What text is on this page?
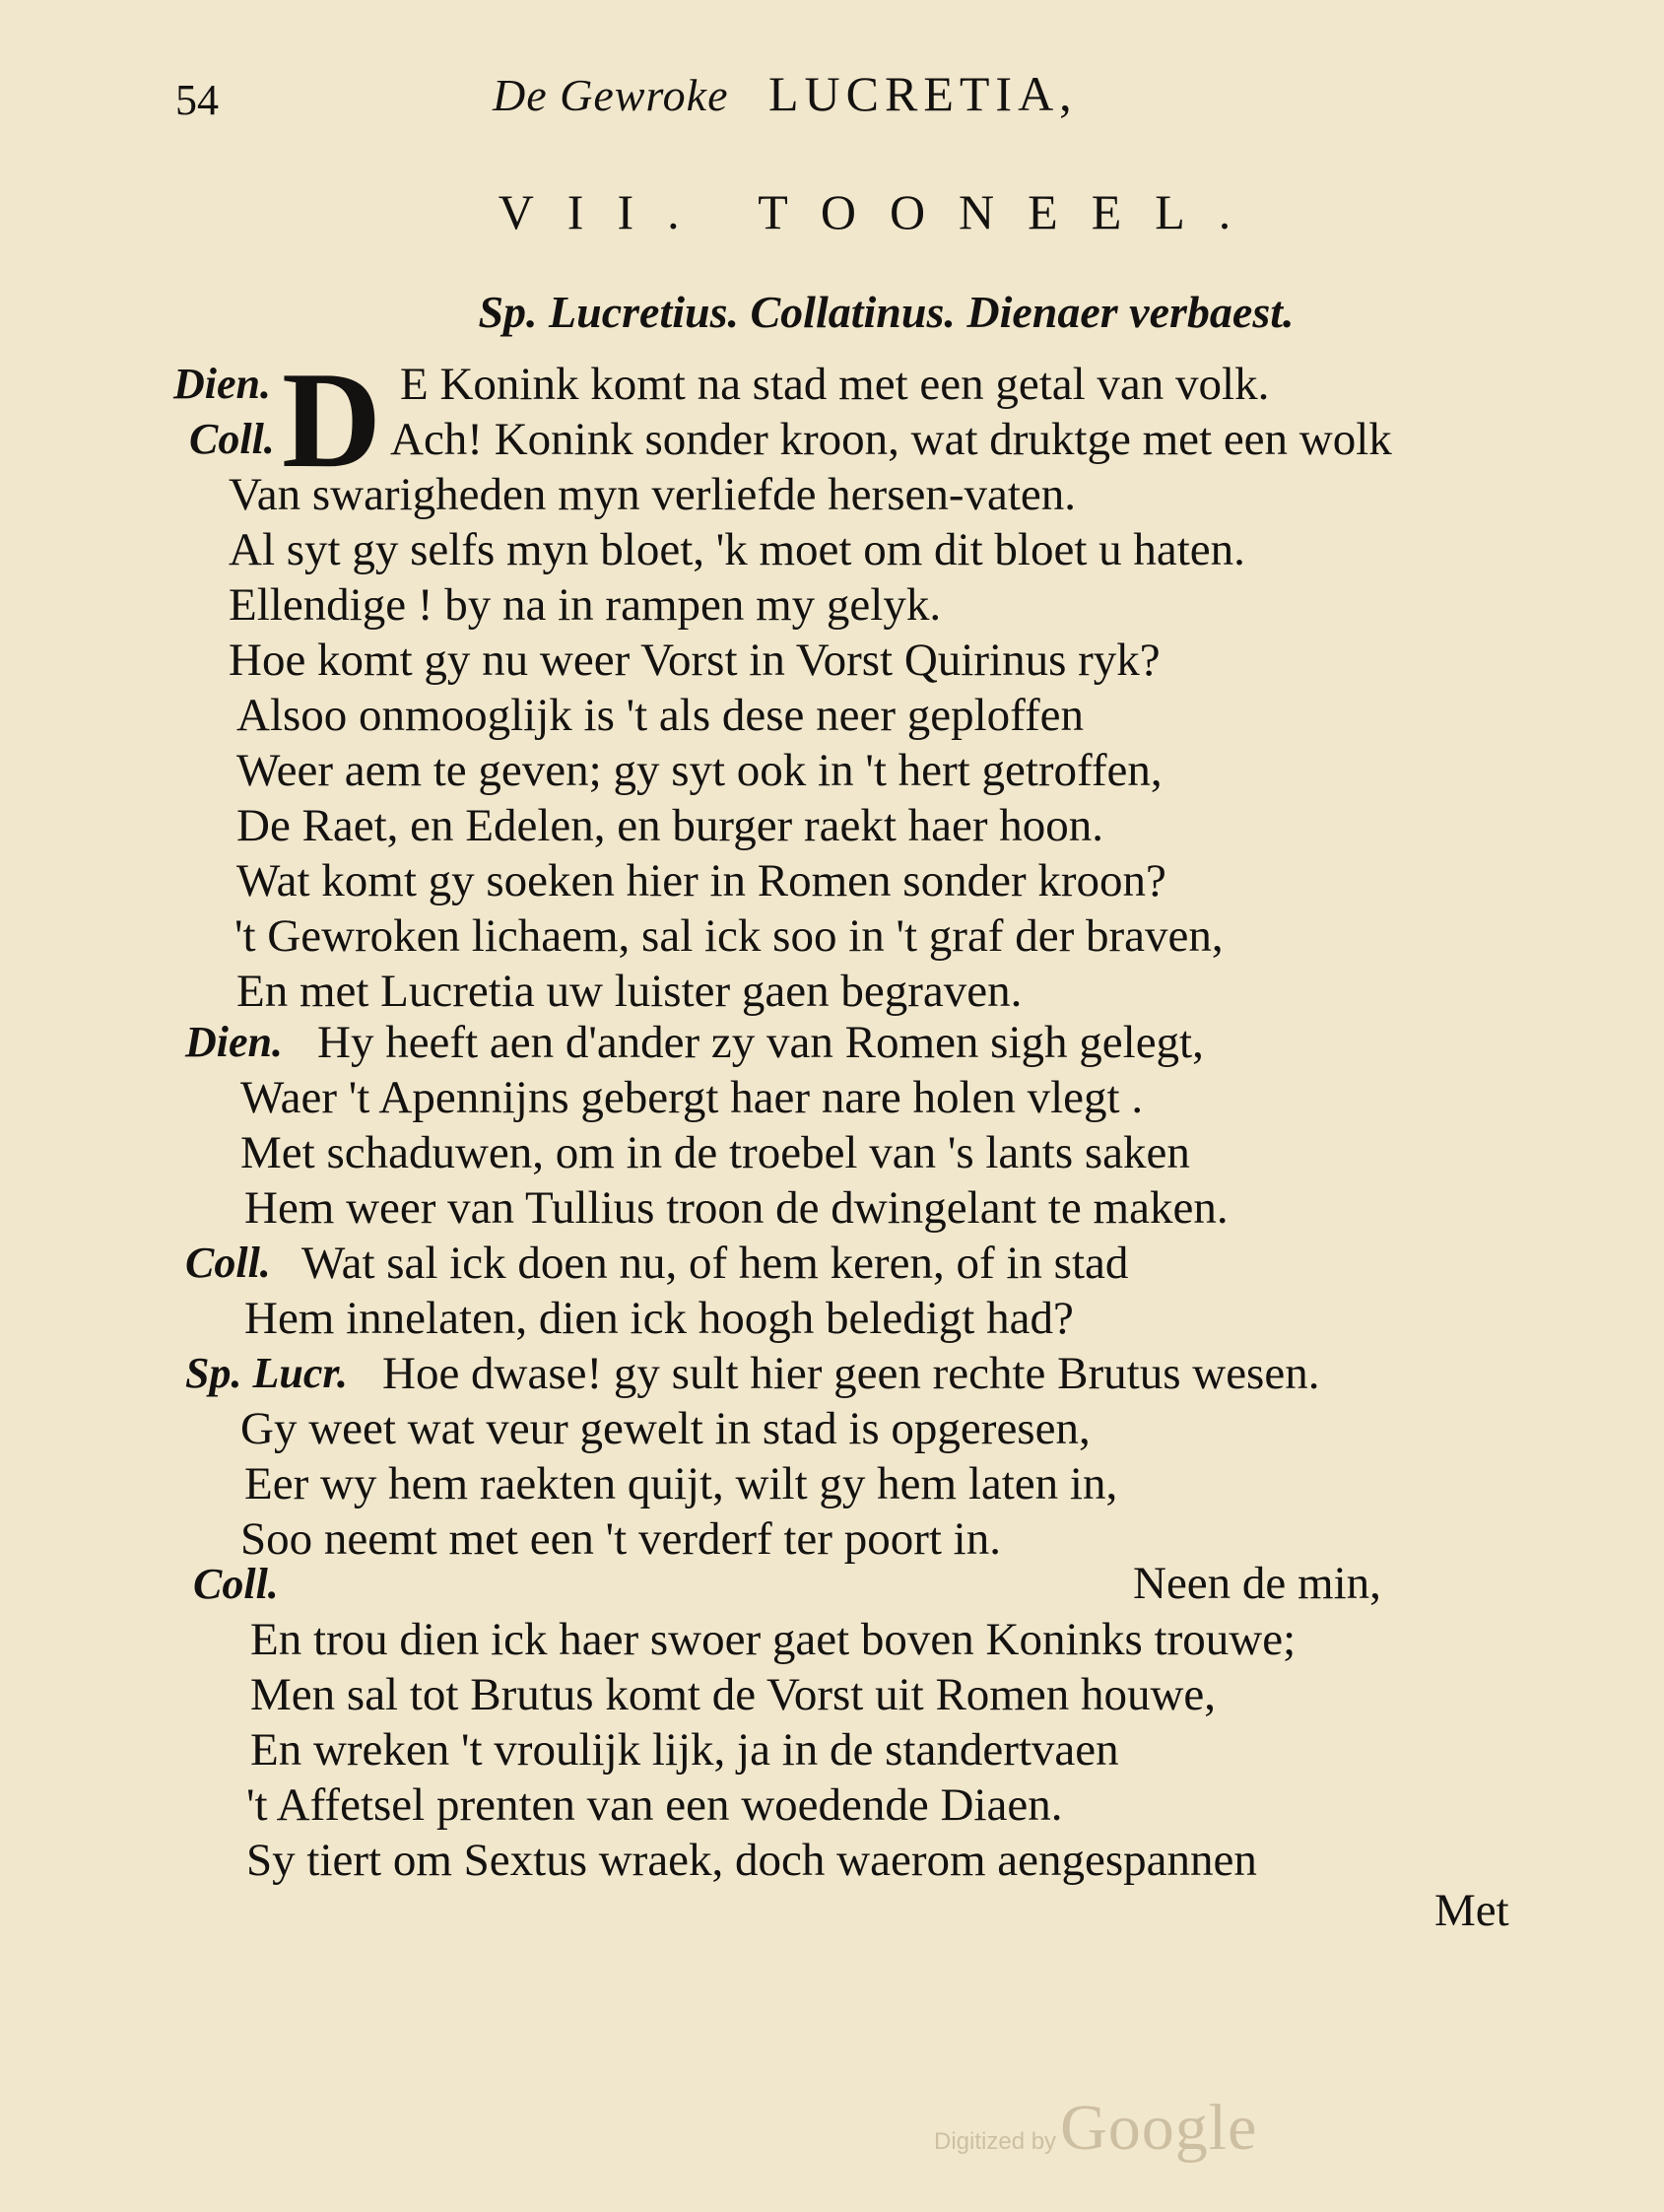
54	De Gewroke LUCRETIA,
VII. TOONEEL.
Sp. Lucretius. Collatinus. Dienaer verbaest.
D
Dien.	E Konink komt na stad met een getal van volk.
Coll. Ach! Konink sonder kroon, wat druktge met een wolk
Van swarigheden myn verliefde hersen-vaten.
Al syt gy selfs myn bloet, 'k moet om dit bloet u haten.
Ellendige ! by na in rampen my gelyk.
Hoe komt gy nu weer Vorst in Vorst Quirinus ryk?
Alsoo onmooglijk is 't als dese neer geploffen
Weer aem te geven; gy syt ook in 't hert getroffen,
De Raet, en Edelen, en burger raekt haer hoon.
Wat komt gy soeken hier in Romen sonder kroon?
't Gewroken lichaem, sal ick soo in 't graf der braven,
En met Lucretia uw luister gaen begraven.
Dien. Hy heeft aen d'ander zy van Romen sigh gelegt,
Waer 't Apennijns gebergt haer nare holen vlegt .
Met schaduwen, om in de troebel van 's lants saken
Hem weer van Tullius troon de dwingelant te maken.
Coll. Wat sal ick doen nu, of hem keren, of in stad
Hem innelaten, dien ick hoogh beledigt had?
Sp. Lucr. Hoe dwase! gy sult hier geen rechte Brutus wesen.
Gy weet wat veur gewelt in stad is opgeresen,
Eer wy hem raekten quijt, wilt gy hem laten in,
Soo neemt met een 't verderf ter poort in.
Coll.	Neen de min,
En trou dien ick haer swoer gaet boven Koninks trouwe;
Men sal tot Brutus komt de Vorst uit Romen houwe,
En wreken 't vroulijk lijk, ja in de standertvaen
't Affetsel prenten van een woedende Diaen.
Sy tiert om Sextus wraek, doch waerom aengespannen
Met
Digitized by Google
